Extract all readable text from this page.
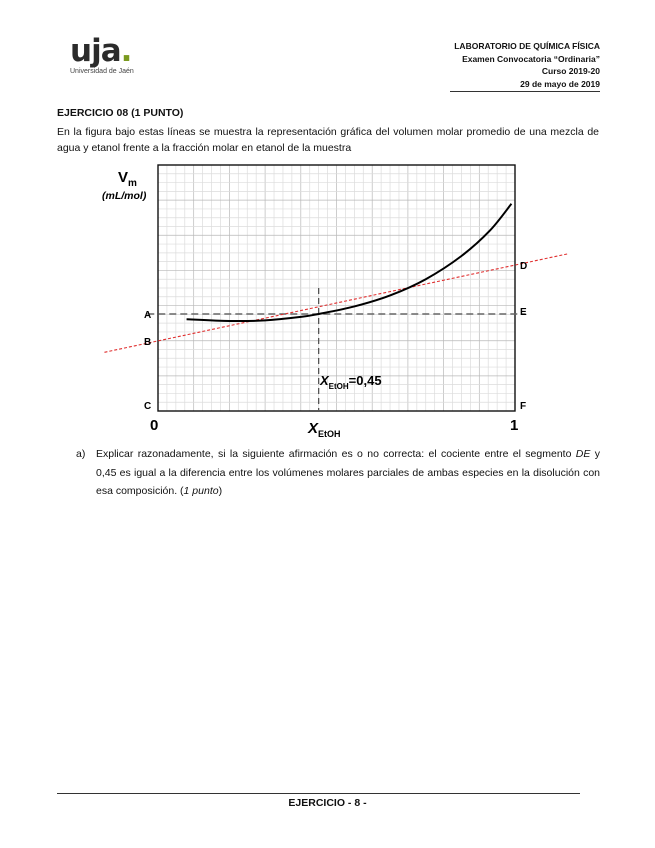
uja.
Universidad de Jaén
LABORATORIO DE QUÍMICA FÍSICA
Examen Convocatoria “Ordinaria”
Curso 2019-20
29 de mayo de 2019
EJERCICIO 08 (1 PUNTO)
En la figura bajo estas líneas se muestra la representación gráfica del volumen molar promedio de una mezcla de agua y etanol frente a la fracción molar en etanol de la muestra
$V_m$
(mL/mol)
A
B
C
D
E
F
$X_{EtOH}=0,45$
0	1
$X_{EtOH}$
a) Explicar razonadamente, si la siguiente afirmación es o no correcta: el cociente entre el segmento DE y 0,45 es igual a la diferencia entre los volúmenes molares parciales de ambas especies en la disolución con esa composición. (1 punto)
EJERCICIO - 8 -
